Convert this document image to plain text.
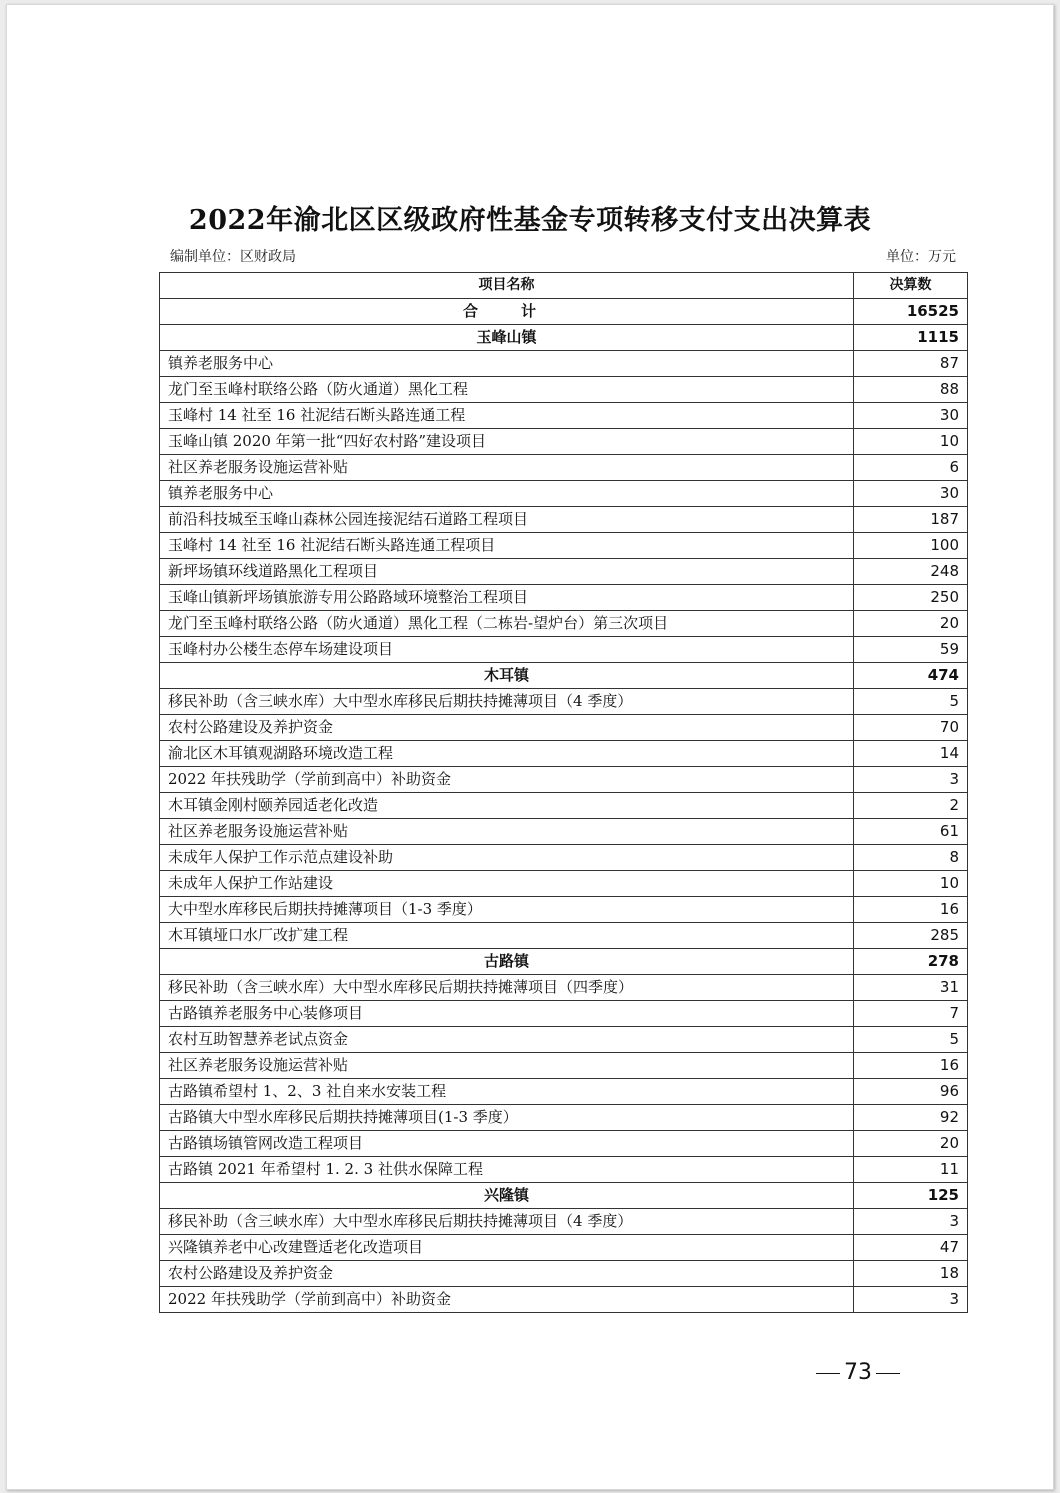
2022年渝北区区级政府性基金专项转移支付支出决算表
编制单位：区财政局	单位：万元
项目名称	决算数
合　计	16525
玉峰山镇	1115
镇养老服务中心	87
龙门至玉峰村联络公路（防火通道）黑化工程	88
玉峰村 14 社至 16 社泥结石断头路连通工程	30
玉峰山镇 2020 年第一批“四好农村路”建设项目	10
社区养老服务设施运营补贴	6
镇养老服务中心	30
前沿科技城至玉峰山森林公园连接泥结石道路工程项目	187
玉峰村 14 社至 16 社泥结石断头路连通工程项目	100
新坪场镇环线道路黑化工程项目	248
玉峰山镇新坪场镇旅游专用公路路域环境整治工程项目	250
龙门至玉峰村联络公路（防火通道）黑化工程（二栋岩-望炉台）第三次项目	20
玉峰村办公楼生态停车场建设项目	59
木耳镇	474
移民补助（含三峡水库）大中型水库移民后期扶持摊薄项目（4 季度）	5
农村公路建设及养护资金	70
渝北区木耳镇观湖路环境改造工程	14
2022 年扶残助学（学前到高中）补助资金	3
木耳镇金刚村颐养园适老化改造	2
社区养老服务设施运营补贴	61
未成年人保护工作示范点建设补助	8
未成年人保护工作站建设	10
大中型水库移民后期扶持摊薄项目（1-3 季度）	16
木耳镇垭口水厂改扩建工程	285
古路镇	278
移民补助（含三峡水库）大中型水库移民后期扶持摊薄项目（四季度）	31
古路镇养老服务中心装修项目	7
农村互助智慧养老试点资金	5
社区养老服务设施运营补贴	16
古路镇希望村 1、2、3 社自来水安装工程	96
古路镇大中型水库移民后期扶持摊薄项目(1-3 季度）	92
古路镇场镇管网改造工程项目	20
古路镇 2021 年希望村 1. 2. 3 社供水保障工程	11
兴隆镇	125
移民补助（含三峡水库）大中型水库移民后期扶持摊薄项目（4 季度）	3
兴隆镇养老中心改建暨适老化改造项目	47
农村公路建设及养护资金	18
2022 年扶残助学（学前到高中）补助资金	3
73
